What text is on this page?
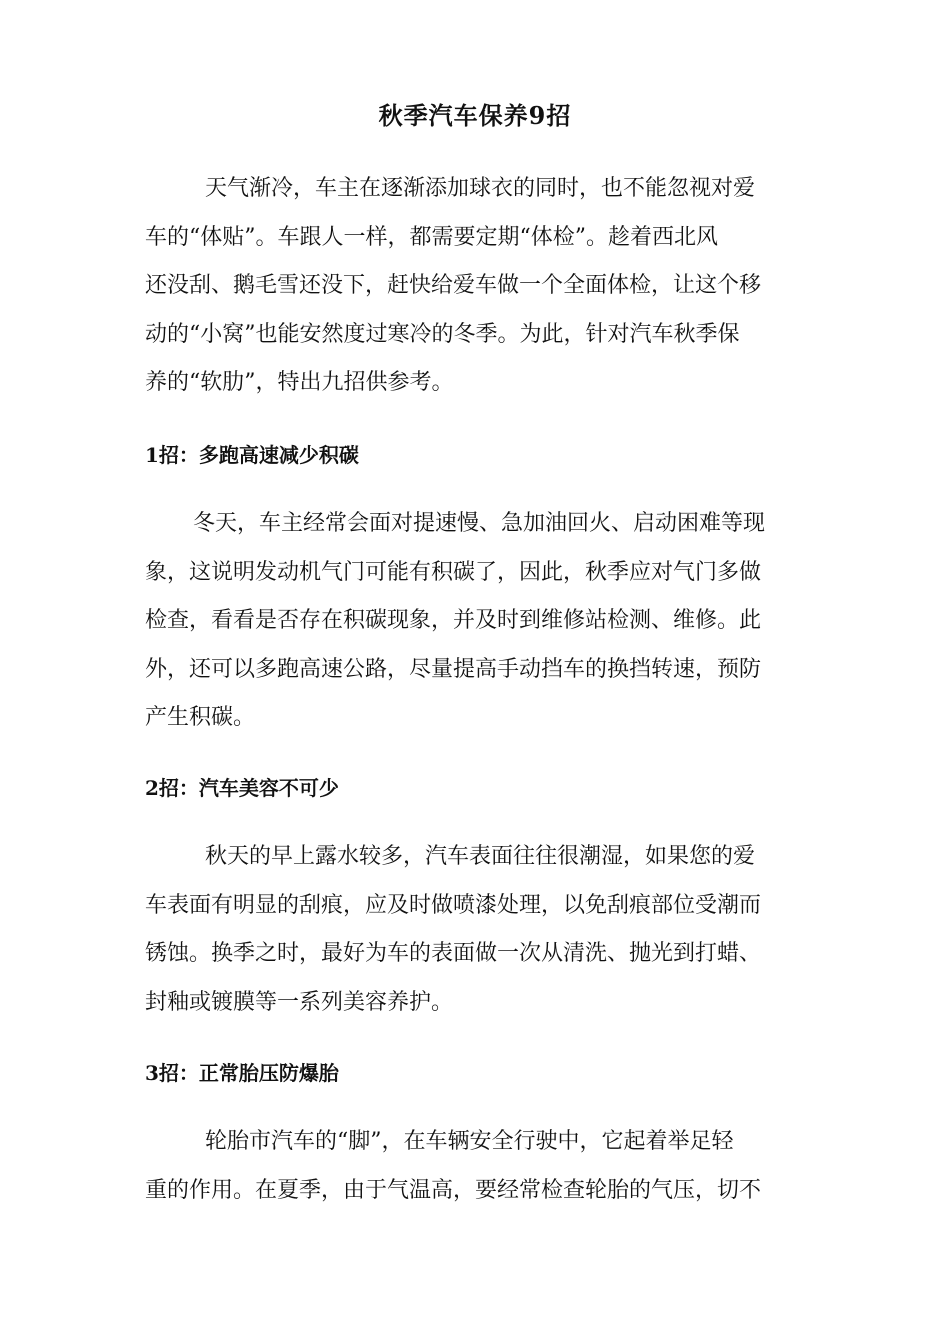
秋季汽车保养9招
天气渐冷，车主在逐渐添加球衣的同时，也不能忽视对爱
车的“体贴”。车跟人一样，都需要定期“体检”。趁着西北风
还没刮、鹅毛雪还没下，赶快给爱车做一个全面体检，让这个移
动的“小窝”也能安然度过寒冷的冬季。为此，针对汽车秋季保
养的“软肋”，特出九招供参考。
1招：多跑高速减少积碳
冬天，车主经常会面对提速慢、急加油回火、启动困难等现
象，这说明发动机气门可能有积碳了，因此，秋季应对气门多做
检查，看看是否存在积碳现象，并及时到维修站检测、维修。此
外，还可以多跑高速公路，尽量提高手动挡车的换挡转速，预防
产生积碳。
2招：汽车美容不可少
秋天的早上露水较多，汽车表面往往很潮湿，如果您的爱
车表面有明显的刮痕，应及时做喷漆处理，以免刮痕部位受潮而
锈蚀。换季之时，最好为车的表面做一次从清洗、抛光到打蜡、
封釉或镀膜等一系列美容养护。
3招：正常胎压防爆胎
轮胎市汽车的“脚”，在车辆安全行驶中，它起着举足轻
重的作用。在夏季，由于气温高，要经常检查轮胎的气压，切不
